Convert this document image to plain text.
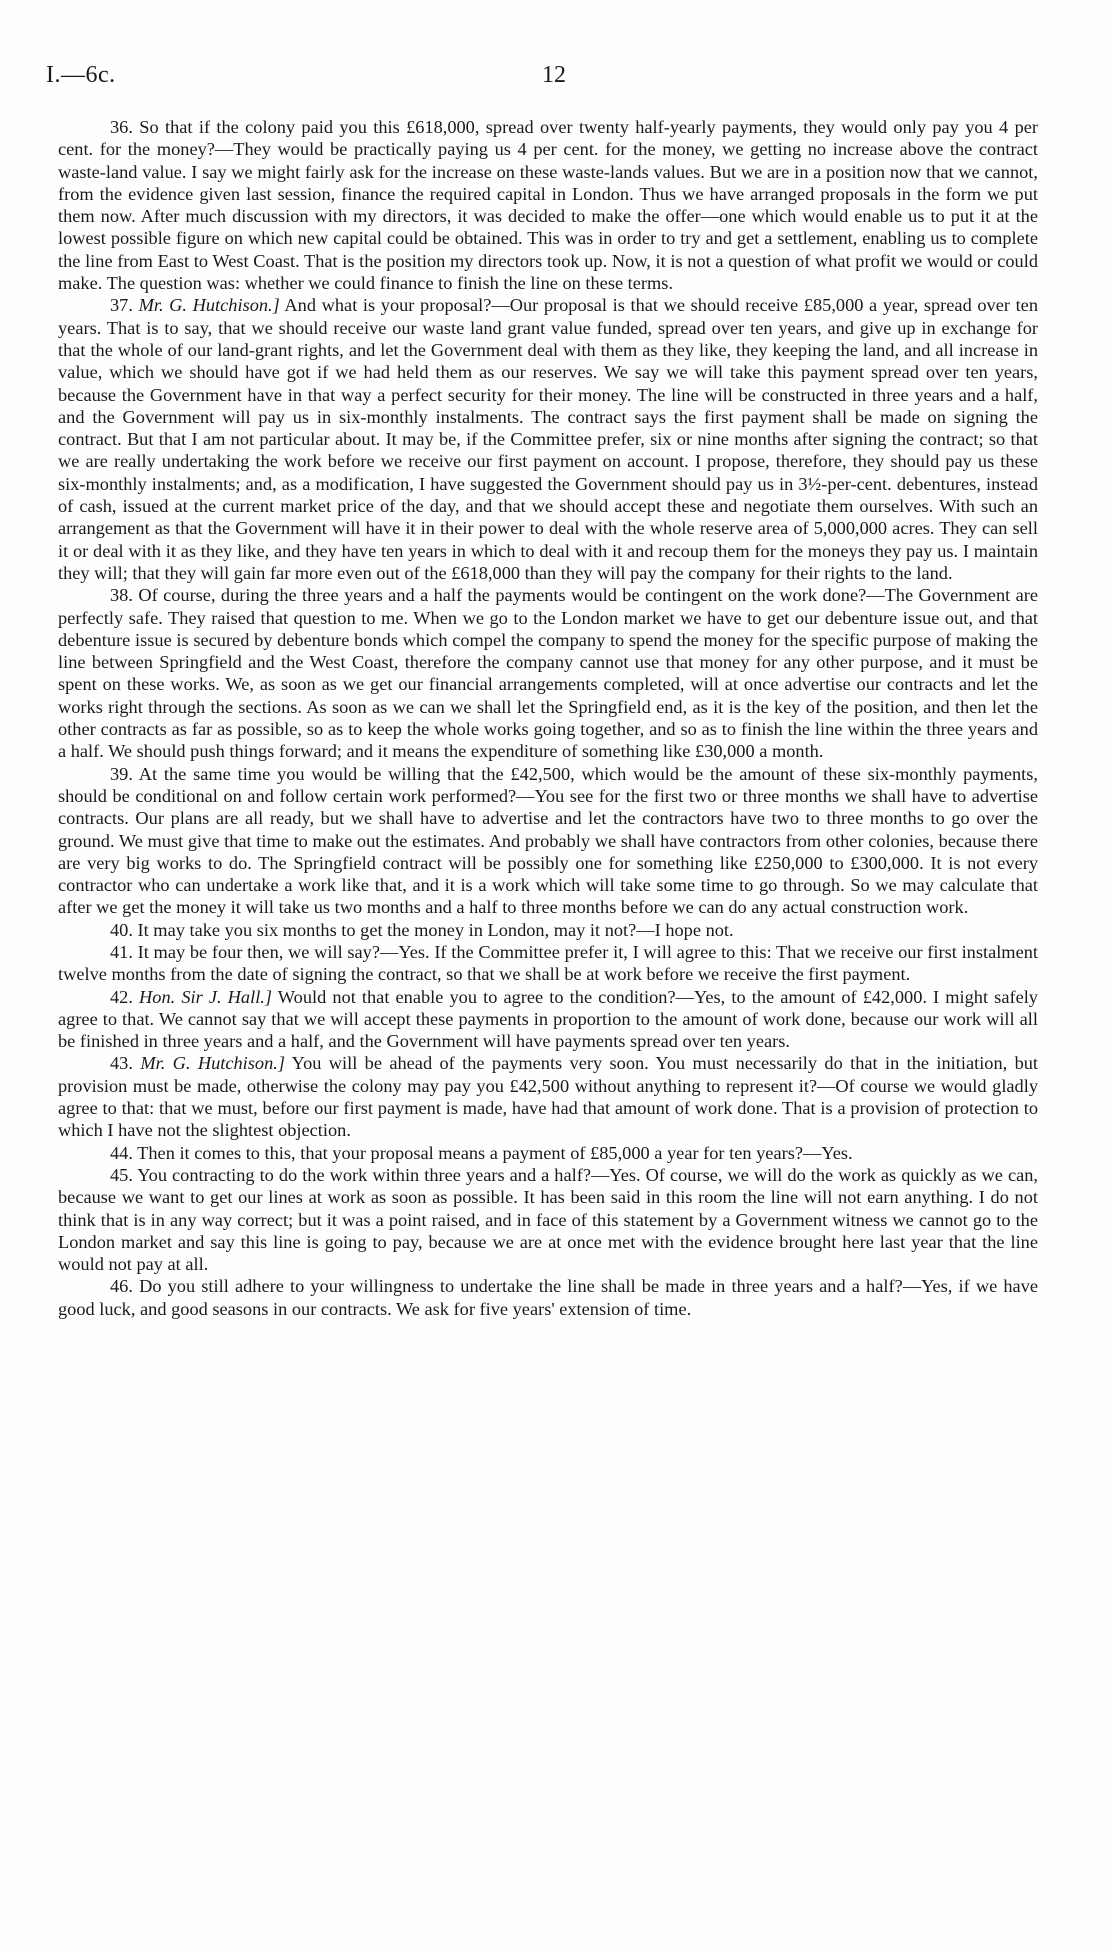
I.—6c.	12

36. So that if the colony paid you this £618,000, spread over twenty half-yearly payments, they would only pay you 4 per cent. for the money?—They would be practically paying us 4 per cent. for the money, we getting no increase above the contract waste-land value. I say we might fairly ask for the increase on these waste-lands values. But we are in a position now that we cannot, from the evidence given last session, finance the required capital in London. Thus we have arranged proposals in the form we put them now. After much discussion with my directors, it was decided to make the offer—one which would enable us to put it at the lowest possible figure on which new capital could be obtained. This was in order to try and get a settlement, enabling us to complete the line from East to West Coast. That is the position my directors took up. Now, it is not a question of what profit we would or could make. The question was: whether we could finance to finish the line on these terms.

37. Mr. G. Hutchison.] And what is your proposal?—Our proposal is that we should receive £85,000 a year, spread over ten years. That is to say, that we should receive our waste land grant value funded, spread over ten years, and give up in exchange for that the whole of our land-grant rights, and let the Government deal with them as they like, they keeping the land, and all increase in value, which we should have got if we had held them as our reserves. We say we will take this payment spread over ten years, because the Government have in that way a perfect security for their money. The line will be constructed in three years and a half, and the Government will pay us in six-monthly instalments. The contract says the first payment shall be made on signing the contract. But that I am not particular about. It may be, if the Committee prefer, six or nine months after signing the contract; so that we are really undertaking the work before we receive our first payment on account. I propose, therefore, they should pay us these six-monthly instalments; and, as a modification, I have suggested the Government should pay us in 3½-per-cent. debentures, instead of cash, issued at the current market price of the day, and that we should accept these and negotiate them ourselves. With such an arrangement as that the Government will have it in their power to deal with the whole reserve area of 5,000,000 acres. They can sell it or deal with it as they like, and they have ten years in which to deal with it and recoup them for the moneys they pay us. I maintain they will; that they will gain far more even out of the £618,000 than they will pay the company for their rights to the land.

38. Of course, during the three years and a half the payments would be contingent on the work done?—The Government are perfectly safe. They raised that question to me. When we go to the London market we have to get our debenture issue out, and that debenture issue is secured by debenture bonds which compel the company to spend the money for the specific purpose of making the line between Springfield and the West Coast, therefore the company cannot use that money for any other purpose, and it must be spent on these works. We, as soon as we get our financial arrangements completed, will at once advertise our contracts and let the works right through the sections. As soon as we can we shall let the Springfield end, as it is the key of the position, and then let the other contracts as far as possible, so as to keep the whole works going together, and so as to finish the line within the three years and a half. We should push things forward; and it means the expenditure of something like £30,000 a month.

39. At the same time you would be willing that the £42,500, which would be the amount of these six-monthly payments, should be conditional on and follow certain work performed?—You see for the first two or three months we shall have to advertise contracts. Our plans are all ready, but we shall have to advertise and let the contractors have two to three months to go over the ground. We must give that time to make out the estimates. And probably we shall have contractors from other colonies, because there are very big works to do. The Springfield contract will be possibly one for something like £250,000 to £300,000. It is not every contractor who can undertake a work like that, and it is a work which will take some time to go through. So we may calculate that after we get the money it will take us two months and a half to three months before we can do any actual construction work.

40. It may take you six months to get the money in London, may it not?—I hope not.

41. It may be four then, we will say?—Yes. If the Committee prefer it, I will agree to this: That we receive our first instalment twelve months from the date of signing the contract, so that we shall be at work before we receive the first payment.

42. Hon. Sir J. Hall.] Would not that enable you to agree to the condition?—Yes, to the amount of £42,000. I might safely agree to that. We cannot say that we will accept these payments in proportion to the amount of work done, because our work will all be finished in three years and a half, and the Government will have payments spread over ten years.

43. Mr. G. Hutchison.] You will be ahead of the payments very soon. You must necessarily do that in the initiation, but provision must be made, otherwise the colony may pay you £42,500 without anything to represent it?—Of course we would gladly agree to that: that we must, before our first payment is made, have had that amount of work done. That is a provision of protection to which I have not the slightest objection.

44. Then it comes to this, that your proposal means a payment of £85,000 a year for ten years?—Yes.

45. You contracting to do the work within three years and a half?—Yes. Of course, we will do the work as quickly as we can, because we want to get our lines at work as soon as possible. It has been said in this room the line will not earn anything. I do not think that is in any way correct; but it was a point raised, and in face of this statement by a Government witness we cannot go to the London market and say this line is going to pay, because we are at once met with the evidence brought here last year that the line would not pay at all.

46. Do you still adhere to your willingness to undertake the line shall be made in three years and a half?—Yes, if we have good luck, and good seasons in our contracts. We ask for five years' extension of time.
